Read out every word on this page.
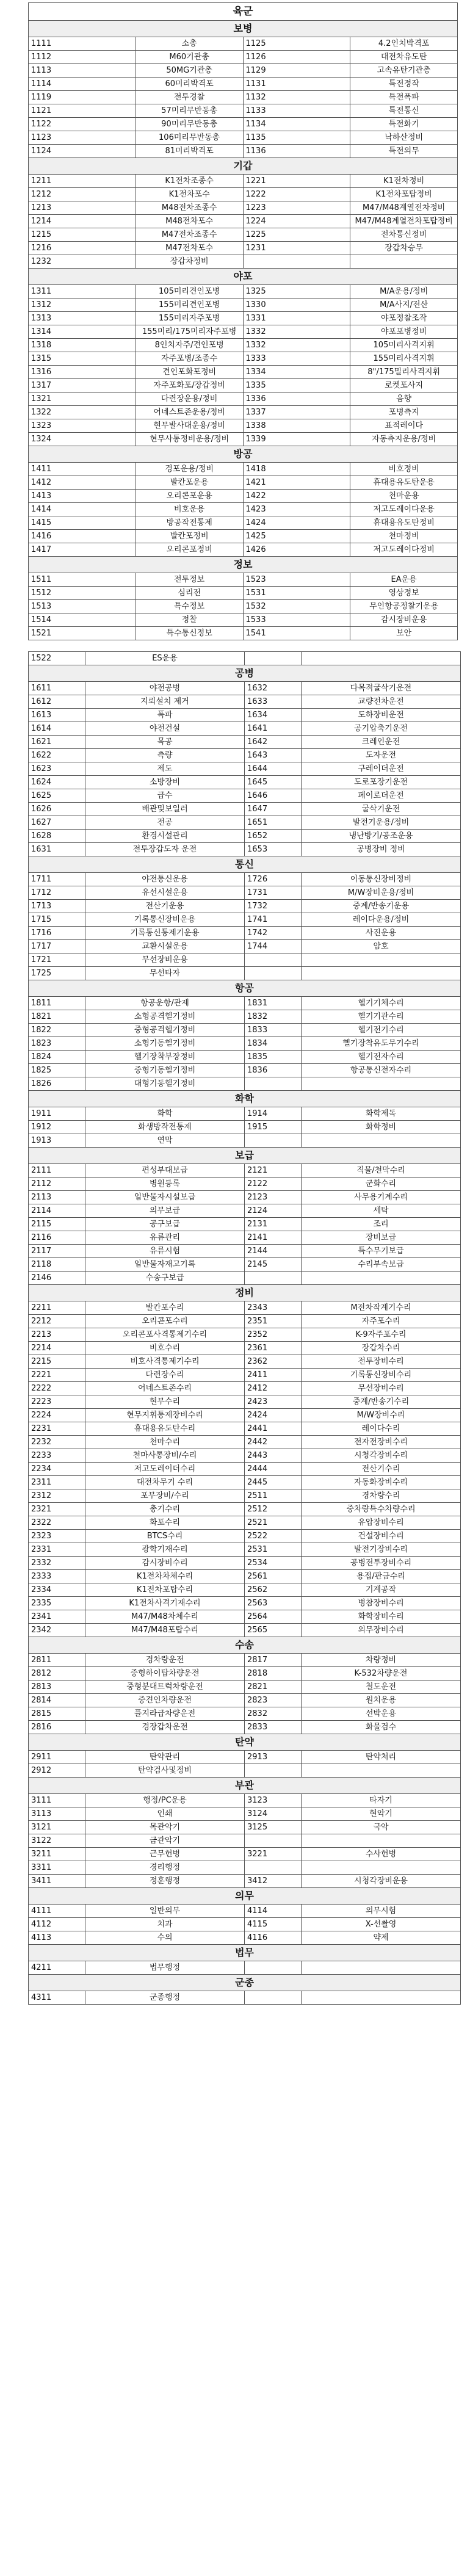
육군			
보병			
1111	소총	1125	4.2인치박격포
1112	M60기관총	1126	대전차유도탄
1113	50MG기관총	1129	고속유탄기관총
1114	60미리박격포	1131	특전정작
1119	전투경찰	1132	특전폭파
1121	57미리무반동총	1133	특전통신
1122	90미리무반동총	1134	특전화기
1123	106미리무반동총	1135	낙하산정비
1124	81미리박격포	1136	특전의무
기갑			
1211	K1전차조종수	1221	K1전차정비
1212	K1전차포수	1222	K1전차포탑정비
1213	M48전차조종수	1223	M47/M48계열전차정비
1214	M48전차포수	1224	M47/M48계열전차포탑정비
1215	M47전차조종수	1225	전차통신정비
1216	M47전차포수	1231	장갑차승무
1232	장갑차정비		
야포			
1311	105미리견인포병	1325	M/A운용/정비
1312	155미리견인포병	1330	M/A사지/전산
1313	155미리자주포병	1331	야포정찰조작
1314	155미리/175미리자주포병	1332	야포포병정비
1318	8인치자주/견인포병	1332	105미리사격지휘
1315	자주포병/조종수	1333	155미리사격지휘
1316	견인포화포정비	1334	8"/175밀리사격지휘
1317	자주포화포/장갑정비	1335	로켓포사지
1321	다련장운용/정비	1336	음향
1322	어네스트존운용/정비	1337	포병측지
1323	현무발사대운용/정비	1338	표적레이다
1324	현무사통정비운용/정비	1339	자동측지운용/정비
방공			
1411	경포운용/정비	1418	비호정비
1412	발칸포운용	1421	휴대용유도탄운용
1413	오리콘포운용	1422	천마운용
1414	비호운용	1423	저고도레이다운용
1415	방공작전통제	1424	휴대용유도탄정비
1416	발칸포정비	1425	천마정비
1417	오리콘포정비	1426	저고도레이다정비
정보			
1511	전투정보	1523	EA운용
1512	심리전	1531	영상정보
1513	특수정보	1532	무인항공정찰기운용
1514	정찰	1533	감시장비운용
1521	특수통신정보	1541	보안
1522	ES운용		
공병			
1611	야전공병	1632	다목적굴삭기운전
1612	지뢰설치 제거	1633	교량전차운전
1613	폭파	1634	도하장비운전
1614	야전건설	1641	공기압축기운전
1621	목공	1642	크레인운전
1622	측량	1643	도자운전
1623	제도	1644	구레이더운전
1624	소방장비	1645	도로포장기운전
1625	급수	1646	페이로더운전
1626	배관및보일러	1647	굴삭기운전
1627	전공	1651	발전기운용/정비
1628	환경시설관리	1652	냉난방기/공조운용
1631	전투장갑도자 운전	1653	공병장비 정비
통신			
1711	야전통신운용	1726	이동통신장비정비
1712	유선시설운용	1731	M/W장비운용/정비
1713	전산기운용	1732	중계/반송기운용
1715	기록통신장비운용	1741	레이다운용/정비
1716	기록통신통제기운용	1742	사진운용
1717	교환시설운용	1744	암호
1721	무선장비운용		
1725	무선타자		
항공			
1811	항공운항/관제	1831	헬기기체수리
1821	소형공격헬기정비	1832	헬기기관수리
1822	중형공격헬기정비	1833	헬기전기수리
1823	소형기동헬기정비	1834	헬기장착유도무기수리
1824	헬기장착부장정비	1835	헬기전자수리
1825	중형기동헬기정비	1836	항공통신전자수리
1826	대형기동헬기정비		
화학			
1911	화학	1914	화학제독
1912	화생방작전통제	1915	화학정비
1913	연막		
보급			
2111	편성부대보급	2121	직물/천막수리
2112	병원등록	2122	군화수리
2113	일반물자시설보급	2123	사무용기계수리
2114	의무보급	2124	세탁
2115	공구보급	2131	조리
2116	유류관리	2141	장비보급
2117	유류시험	2144	특수무기보급
2118	일반물자재고기록	2145	수리부속보급
2146	수송구보급		
정비			
2211	발칸포수리	2343	M전차작계기수리
2212	오리콘포수리	2351	자주포수리
2213	오리콘포사격통제기수리	2352	K-9자주포수리
2214	비호수리	2361	장갑차수리
2215	비호사격통제기수리	2362	전투장비수리
2221	다련장수리	2411	기록통신장비수리
2222	어네스트존수리	2412	무선장비수리
2223	현무수리	2423	중계/반송기수리
2224	현무지휘통제장비수리	2424	M/W장비수리
2231	휴대용유도탄수리	2441	레이다수리
2232	천마수리	2442	전자전장비수리
2233	천마사통장비/수리	2443	시청각장비수리
2234	저고도레이더수리	2444	전산기수리
2311	대전차무기 수리	2445	자동화장비수리
2312	포무장비/수리	2511	경차량수리
2321	총기수리	2512	중차량특수차량수리
2322	화포수리	2521	유압장비수리
2323	BTCS수리	2522	건설장비수리
2331	광학기재수리	2531	발전기장비수리
2332	감시장비수리	2534	공병전투장비수리
2333	K1전차차체수리	2561	용접/판금수리
2334	K1전차포탑수리	2562	기계공작
2335	K1전차사격기재수리	2563	병참장비수리
2341	M47/M48차체수리	2564	화학장비수리
2342	M47/M48포탑수리	2565	의무장비수리
수송			
2811	경차량운전	2817	차량정비
2812	중형하이탑차량운전	2818	K-532차량운전
2813	중형분대트럭차량운전	2821	철도운전
2814	중견인차량운전	2823	원치운용
2815	플지라급차량운전	2832	선박운용
2816	경장갑차운전	2833	화물검수
탄약			
2911	탄약관리	2913	탄약처리
2912	탄약검사및정비		
부관			
3111	행정/PC운용	3123	타자기
3113	인쇄	3124	현악기
3121	목관악기	3125	국악
3122	금관악기		
3211	근무헌병	3221	수사헌병
3311	경리행정		
3411	정훈행정	3412	시청각장비운용
의무			
4111	일반의무	4114	의무시험
4112	치과	4115	X-선촬영
4113	수의	4116	약제
법무			
4211	법무행정		
군종			
4311	군종행정		
